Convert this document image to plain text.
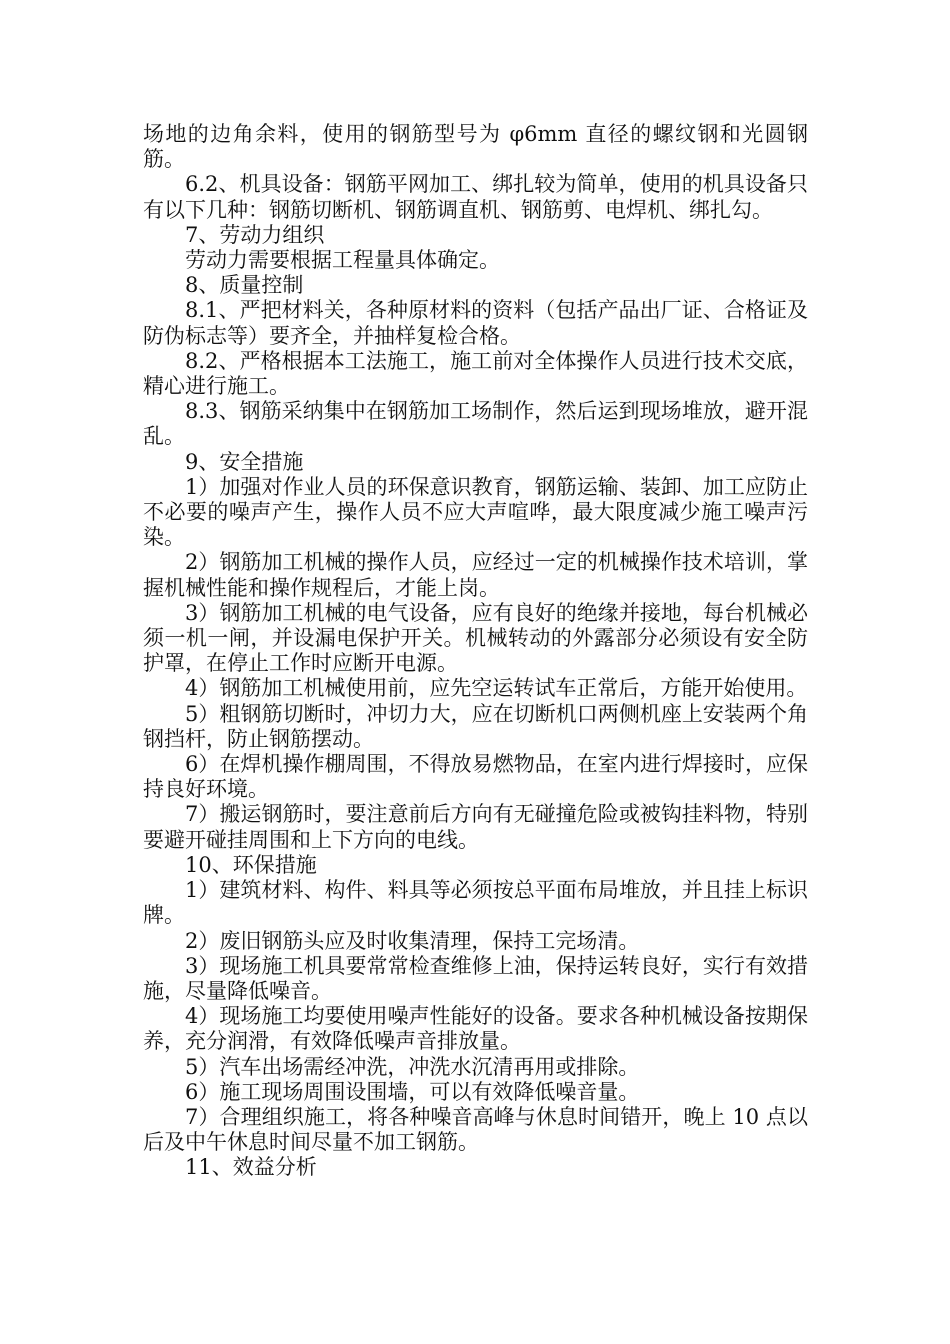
场地的边角余料，使用的钢筋型号为 φ6mm 直径的螺纹钢和光圆钢筋。

6.2、机具设备：钢筋平网加工、绑扎较为简单，使用的机具设备只有以下几种：钢筋切断机、钢筋调直机、钢筋剪、电焊机、绑扎勾。

7、劳动力组织

劳动力需要根据工程量具体确定。

8、质量控制

8.1、严把材料关，各种原材料的资料（包括产品出厂证、合格证及防伪标志等）要齐全，并抽样复检合格。

8.2、严格根据本工法施工，施工前对全体操作人员进行技术交底，精心进行施工。

8.3、钢筋采纳集中在钢筋加工场制作，然后运到现场堆放，避开混乱。

9、安全措施

1）加强对作业人员的环保意识教育，钢筋运输、装卸、加工应防止不必要的噪声产生，操作人员不应大声喧哗，最大限度减少施工噪声污染。

2）钢筋加工机械的操作人员，应经过一定的机械操作技术培训，掌握机械性能和操作规程后，才能上岗。

3）钢筋加工机械的电气设备，应有良好的绝缘并接地，每台机械必须一机一闸，并设漏电保护开关。机械转动的外露部分必须设有安全防护罩，在停止工作时应断开电源。

4）钢筋加工机械使用前，应先空运转试车正常后，方能开始使用。

5）粗钢筋切断时，冲切力大，应在切断机口两侧机座上安装两个角钢挡杆，防止钢筋摆动。

6）在焊机操作棚周围，不得放易燃物品，在室内进行焊接时，应保持良好环境。

7）搬运钢筋时，要注意前后方向有无碰撞危险或被钩挂料物，特别要避开碰挂周围和上下方向的电线。

10、环保措施

1）建筑材料、构件、料具等必须按总平面布局堆放，并且挂上标识牌。

2）废旧钢筋头应及时收集清理，保持工完场清。

3）现场施工机具要常常检查维修上油，保持运转良好，实行有效措施，尽量降低噪音。

4）现场施工均要使用噪声性能好的设备。要求各种机械设备按期保养，充分润滑，有效降低噪声音排放量。

5）汽车出场需经冲洗，冲洗水沉清再用或排除。

6）施工现场周围设围墙，可以有效降低噪音量。

7）合理组织施工，将各种噪音高峰与休息时间错开，晚上 10 点以后及中午休息时间尽量不加工钢筋。

11、效益分析
